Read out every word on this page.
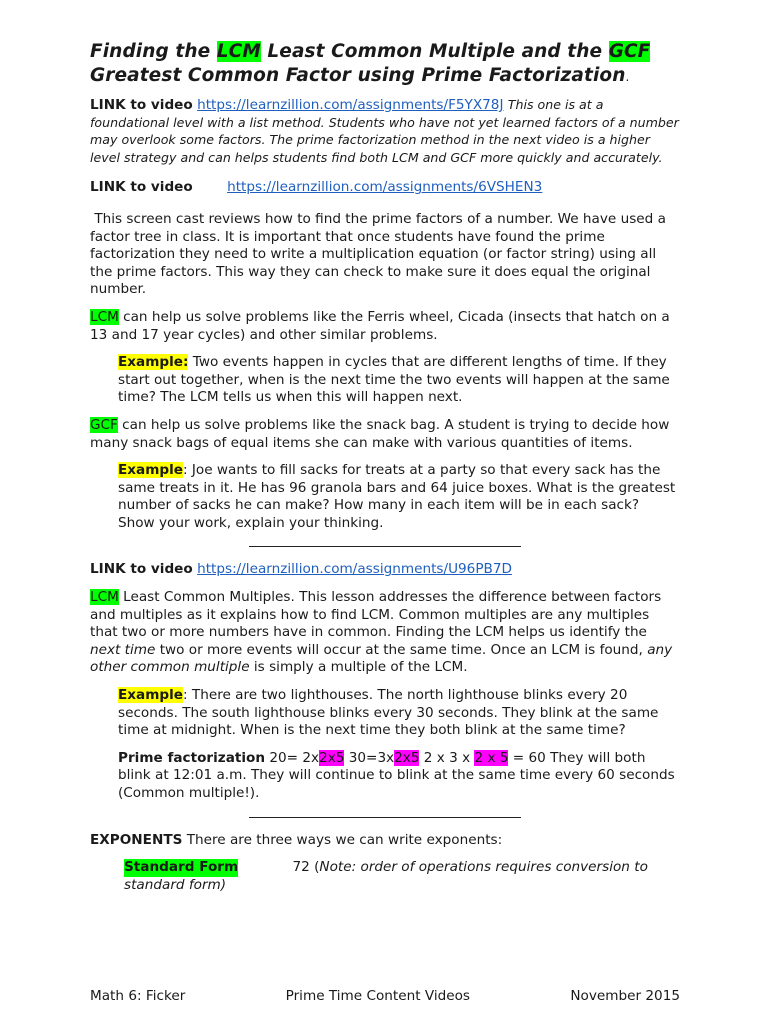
Finding the LCM Least Common Multiple and the GCF
Greatest Common Factor using Prime Factorization.

LINK to video https://learnzillion.com/assignments/F5YX78J This one is at a foundational level with a list method. Students who have not yet learned factors of a number may overlook some factors. The prime factorization method in the next video is a higher level strategy and can helps students find both LCM and GCF more quickly and accurately.

LINK to video	https://learnzillion.com/assignments/6VSHEN3

This screen cast reviews how to find the prime factors of a number. We have used a factor tree in class. It is important that once students have found the prime factorization they need to write a multiplication equation (or factor string) using all the prime factors. This way they can check to make sure it does equal the original number.

LCM can help us solve problems like the Ferris wheel, Cicada (insects that hatch on a 13 and 17 year cycles) and other similar problems.

Example: Two events happen in cycles that are different lengths of time. If they start out together, when is the next time the two events will happen at the same time? The LCM tells us when this will happen next.

GCF can help us solve problems like the snack bag. A student is trying to decide how many snack bags of equal items she can make with various quantities of items.

Example: Joe wants to fill sacks for treats at a party so that every sack has the same treats in it. He has 96 granola bars and 64 juice boxes. What is the greatest number of sacks he can make? How many in each item will be in each sack? Show your work, explain your thinking.

LINK to video https://learnzillion.com/assignments/U96PB7D

LCM Least Common Multiples. This lesson addresses the difference between factors and multiples as it explains how to find LCM. Common multiples are any multiples that two or more numbers have in common. Finding the LCM helps us identify the next time two or more events will occur at the same time. Once an LCM is found, any other common multiple is simply a multiple of the LCM.

Example: There are two lighthouses. The north lighthouse blinks every 20 seconds. The south lighthouse blinks every 30 seconds. They blink at the same time at midnight. When is the next time they both blink at the same time?

Prime factorization 20= 2x2x5 30=3x2x5 2 x 3 x 2 x 5 = 60 They will both blink at 12:01 a.m. They will continue to blink at the same time every 60 seconds (Common multiple!).

EXPONENTS There are three ways we can write exponents:

Standard Form	72 (Note: order of operations requires conversion to standard form)

Math 6: Ficker	Prime Time Content Videos	November 2015
